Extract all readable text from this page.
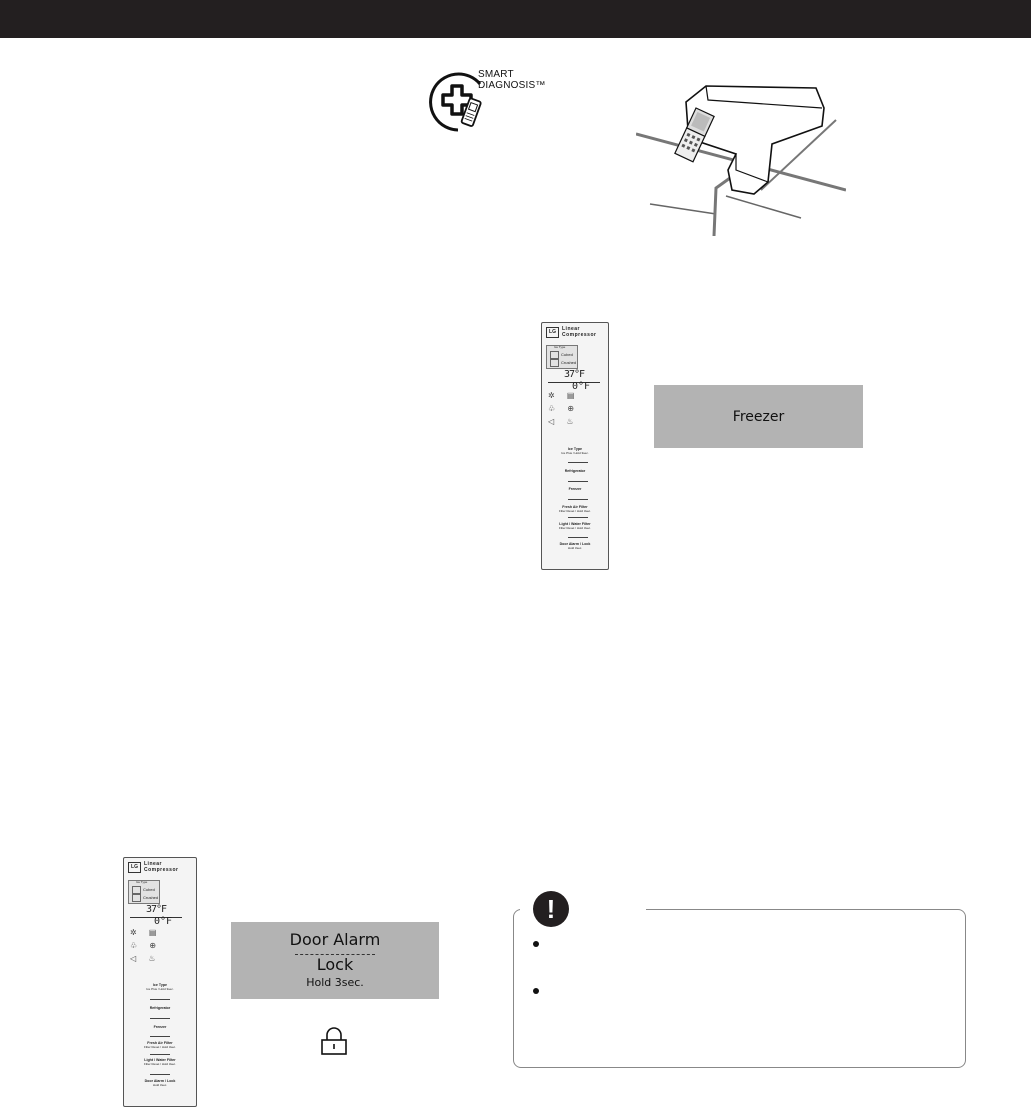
SMART
DIAGNOSIS™
LG	Linear
Compressor
Ice Type
Cubed
Crushed
37°F
0°F
✲ ▤
♧ ⊕
◁ ♨
Ice Type
Ice Plus / Hold 3sec.
Refrigerator
Freezer
Fresh Air Filter
Filter Reset / Hold 3sec.
Light / Water Filter
Filter Reset / Hold 3sec.
Door Alarm / Lock
Hold 3sec.
Freezer
LG	Linear
Compressor
Ice Type
Cubed
Crushed
37°F
0°F
✲ ▤
♧ ⊕
◁ ♨
Ice Type
Ice Plus / Hold 3sec.
Refrigerator
Freezer
Fresh Air Filter
Filter Reset / Hold 3sec.
Light / Water Filter
Filter Reset / Hold 3sec.
Door Alarm / Lock
Hold 3sec.
Door Alarm
Lock
Hold 3sec.
!
